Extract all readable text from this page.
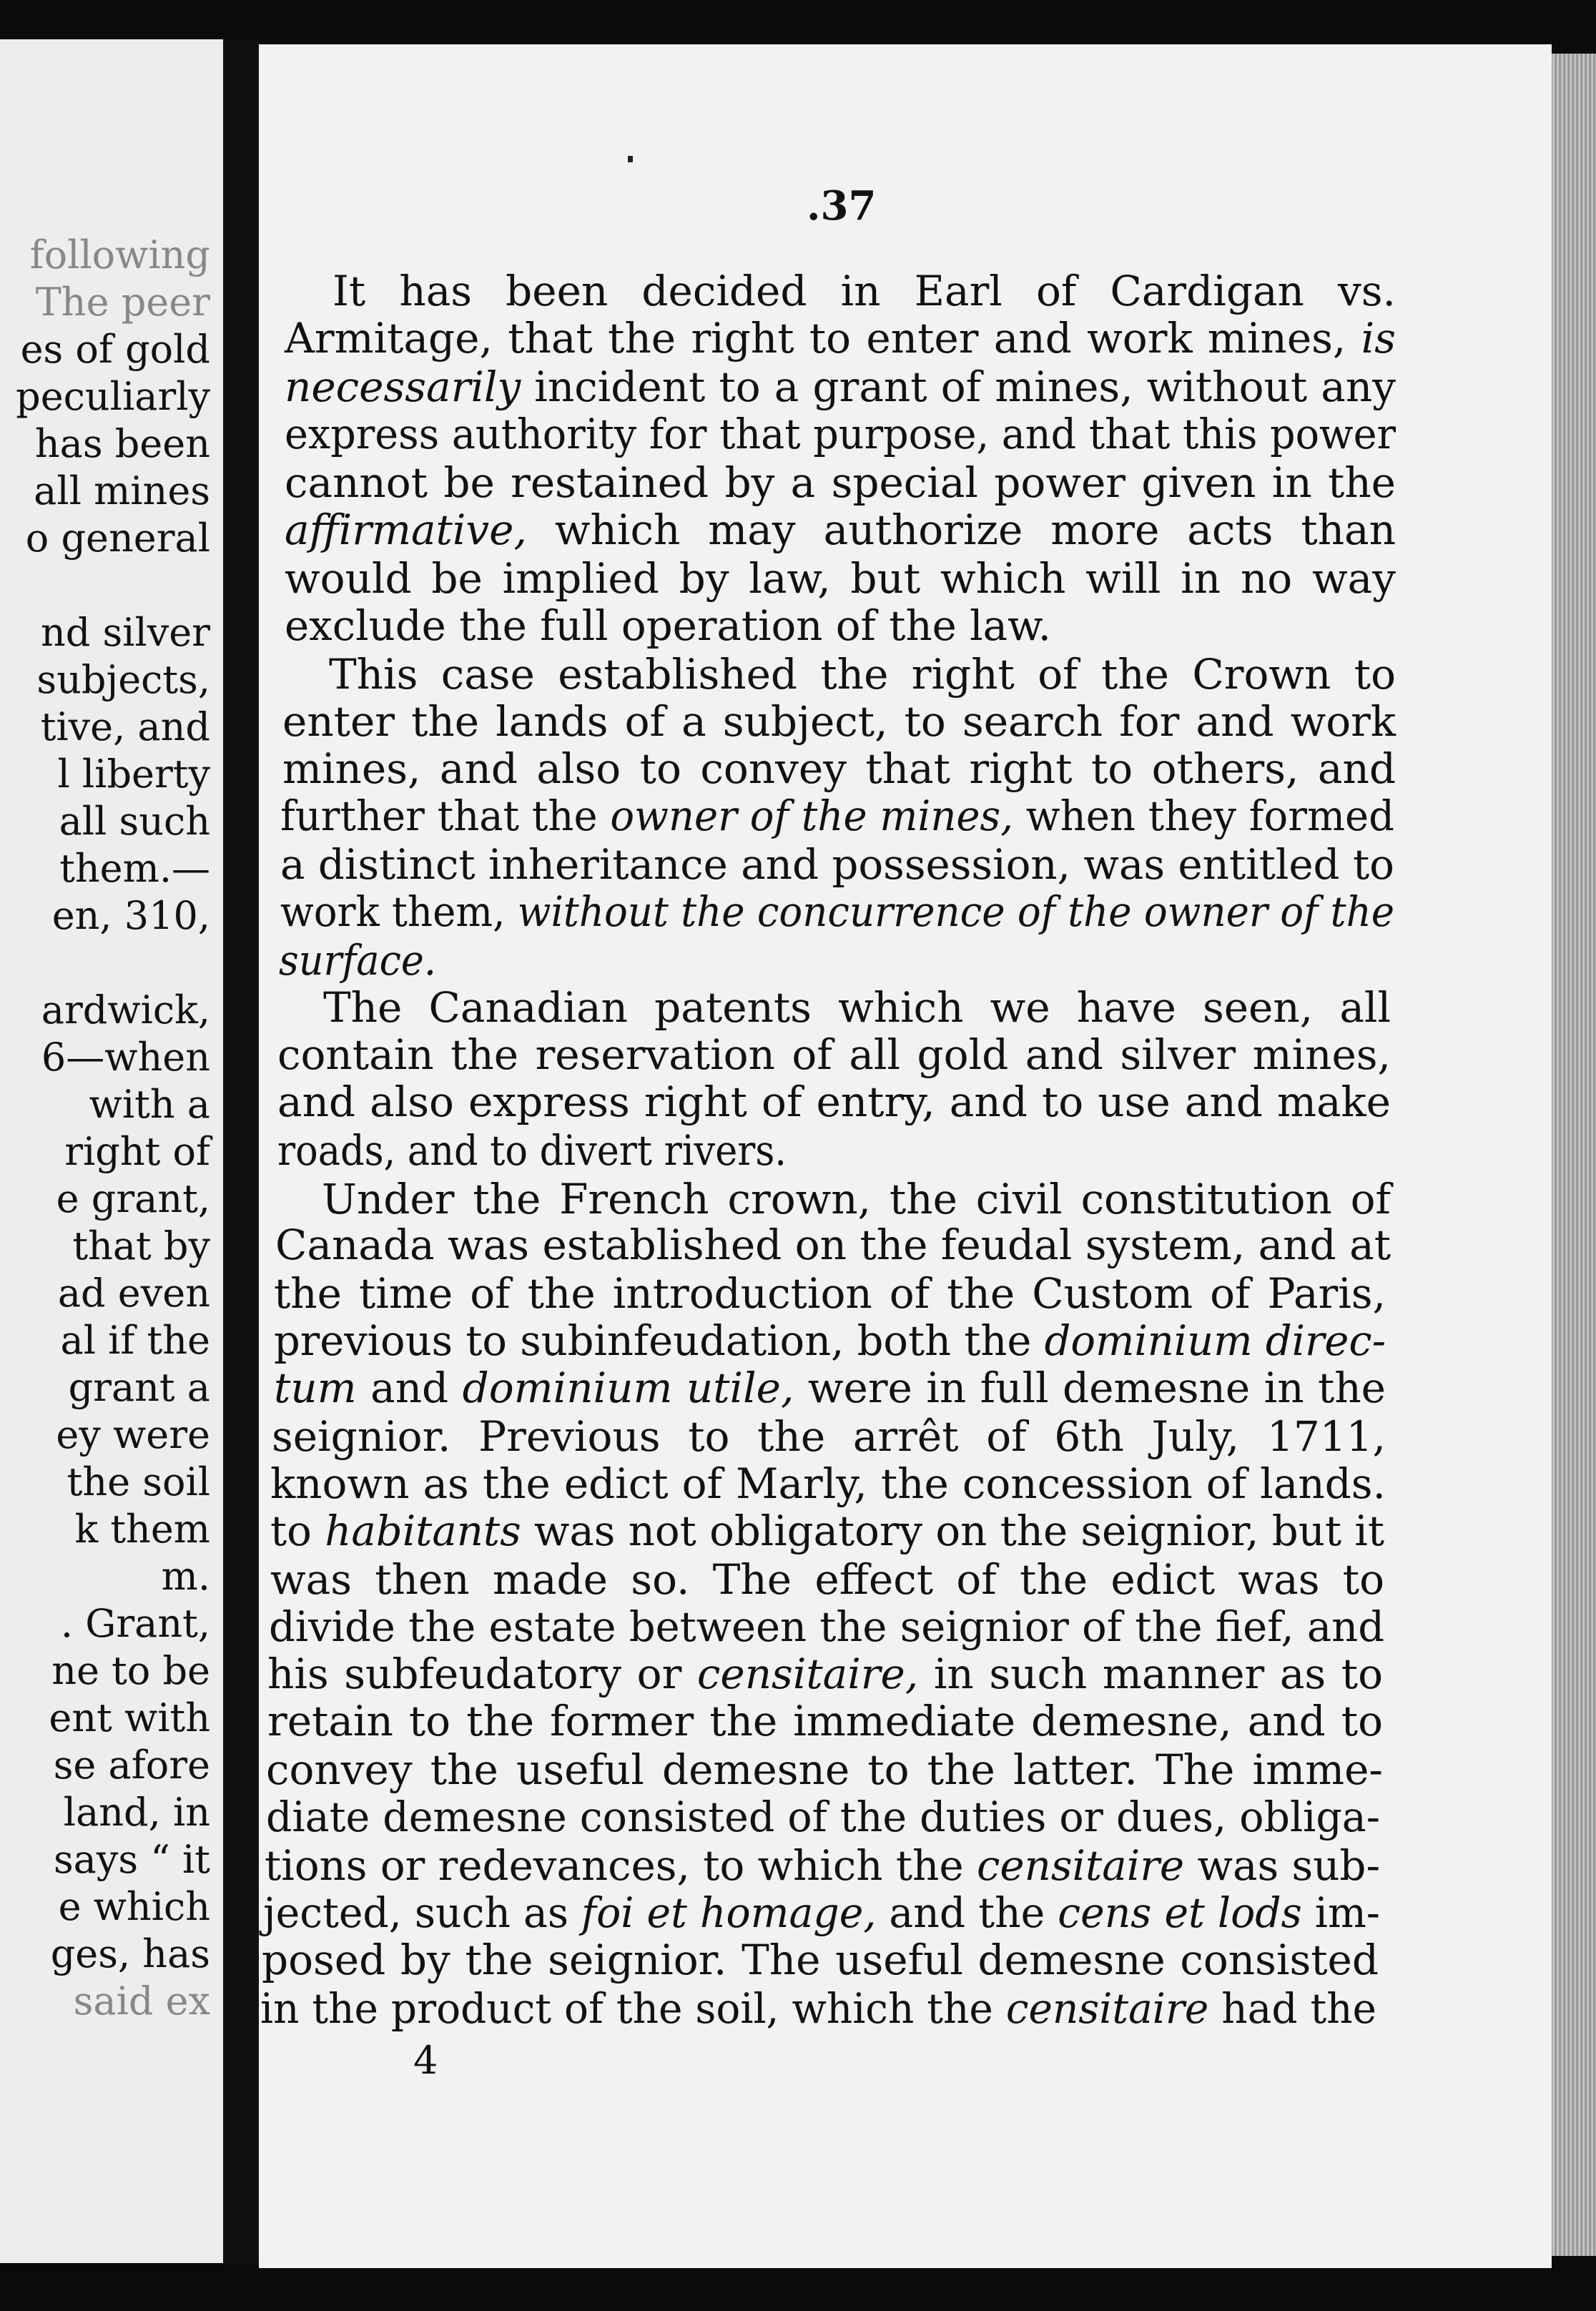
following
The peer
es of gold
peculiarly
has been
all mines
o general
nd silver
subjects,
tive, and
l liberty
all such
them.—
en, 310,
ardwick,
6—when
with a
right of
e grant,
that by
ad even
al if the
grant a
ey were
the soil
k them
m.
. Grant,
ne to be
ent with
se afore
land, in
says “ it
e which
ges, has
said ex
.37
4
It has been decided in Earl of Cardigan vs.
Armitage, that the right to enter and work mines, is
necessarily incident to a grant of mines, without any
express authority for that purpose, and that this power
cannot be restained by a special power given in the
affirmative, which may authorize more acts than
would be implied by law, but which will in no way
exclude the full operation of the law.
This case established the right of the Crown to
enter the lands of a subject, to search for and work
mines, and also to convey that right to others, and
further that the owner of the mines, when they formed
a distinct inheritance and possession, was entitled to
work them, without the concurrence of the owner of the
surface.
The Canadian patents which we have seen, all
contain the reservation of all gold and silver mines,
and also express right of entry, and to use and make
roads, and to divert rivers.
Under the French crown, the civil constitution of
Canada was established on the feudal system, and at
the time of the introduction of the Custom of Paris,
previous to subinfeudation, both the dominium direc-
tum and dominium utile, were in full demesne in the
seignior. Previous to the arrêt of 6th July, 1711,
known as the edict of Marly, the concession of lands.
to habitants was not obligatory on the seignior, but it
was then made so. The effect of the edict was to
divide the estate between the seignior of the fief, and
his subfeudatory or censitaire, in such manner as to
retain to the former the immediate demesne, and to
convey the useful demesne to the latter. The imme-
diate demesne consisted of the duties or dues, obliga-
tions or redevances, to which the censitaire was sub-
jected, such as foi et homage, and the cens et lods im-
posed by the seignior. The useful demesne consisted
in the product of the soil, which the censitaire had the
